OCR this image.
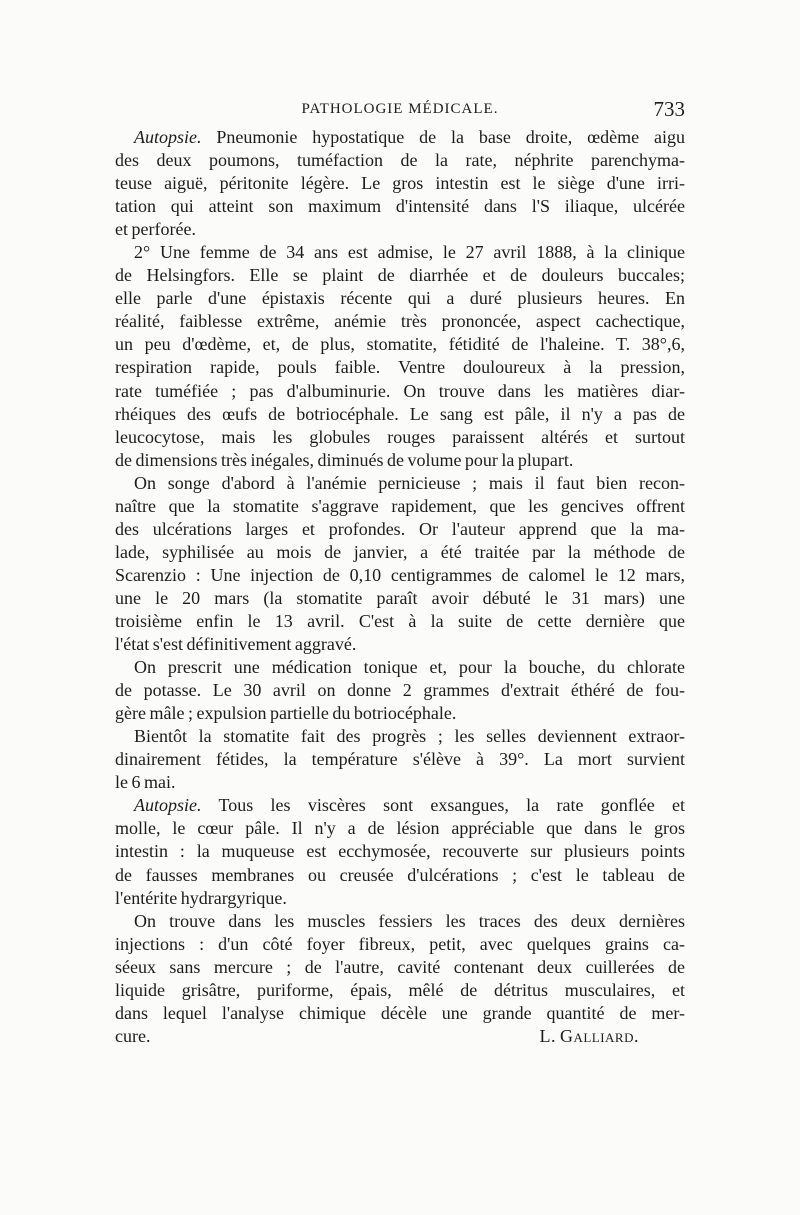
PATHOLOGIE MÉDICALE.	733
Autopsie. Pneumonie hypostatique de la base droite, œdème aigu
des deux poumons, tuméfaction de la rate, néphrite parenchyma-
teuse aiguë, péritonite légère. Le gros intestin est le siège d'une irri-
tation qui atteint son maximum d'intensité dans l'S iliaque, ulcérée
et perforée.
2° Une femme de 34 ans est admise, le 27 avril 1888, à la clinique
de Helsingfors. Elle se plaint de diarrhée et de douleurs buccales;
elle parle d'une épistaxis récente qui a duré plusieurs heures. En
réalité, faiblesse extrême, anémie très prononcée, aspect cachectique,
un peu d'œdème, et, de plus, stomatite, fétidité de l'haleine. T. 38°,6,
respiration rapide, pouls faible. Ventre douloureux à la pression,
rate tuméfiée ; pas d'albuminurie. On trouve dans les matières diar-
rhéiques des œufs de botriocéphale. Le sang est pâle, il n'y a pas de
leucocytose, mais les globules rouges paraissent altérés et surtout
de dimensions très inégales, diminués de volume pour la plupart.
On songe d'abord à l'anémie pernicieuse ; mais il faut bien recon-
naître que la stomatite s'aggrave rapidement, que les gencives offrent
des ulcérations larges et profondes. Or l'auteur apprend que la ma-
lade, syphilisée au mois de janvier, a été traitée par la méthode de
Scarenzio : Une injection de 0,10 centigrammes de calomel le 12 mars,
une le 20 mars (la stomatite paraît avoir débuté le 31 mars) une
troisième enfin le 13 avril. C'est à la suite de cette dernière que
l'état s'est définitivement aggravé.
On prescrit une médication tonique et, pour la bouche, du chlorate
de potasse. Le 30 avril on donne 2 grammes d'extrait éthéré de fou-
gère mâle ; expulsion partielle du botriocéphale.
Bientôt la stomatite fait des progrès ; les selles deviennent extraor-
dinairement fétides, la température s'élève à 39°. La mort survient
le 6 mai.
Autopsie. Tous les viscères sont exsangues, la rate gonflée et
molle, le cœur pâle. Il n'y a de lésion appréciable que dans le gros
intestin : la muqueuse est ecchymosée, recouverte sur plusieurs points
de fausses membranes ou creusée d'ulcérations ; c'est le tableau de
l'entérite hydrargyrique.
On trouve dans les muscles fessiers les traces des deux dernières
injections : d'un côté foyer fibreux, petit, avec quelques grains ca-
séeux sans mercure ; de l'autre, cavité contenant deux cuillerées de
liquide grisâtre, puriforme, épais, mêlé de détritus musculaires, et
dans lequel l'analyse chimique décèle une grande quantité de mer-
cure.	L. Galliard.
